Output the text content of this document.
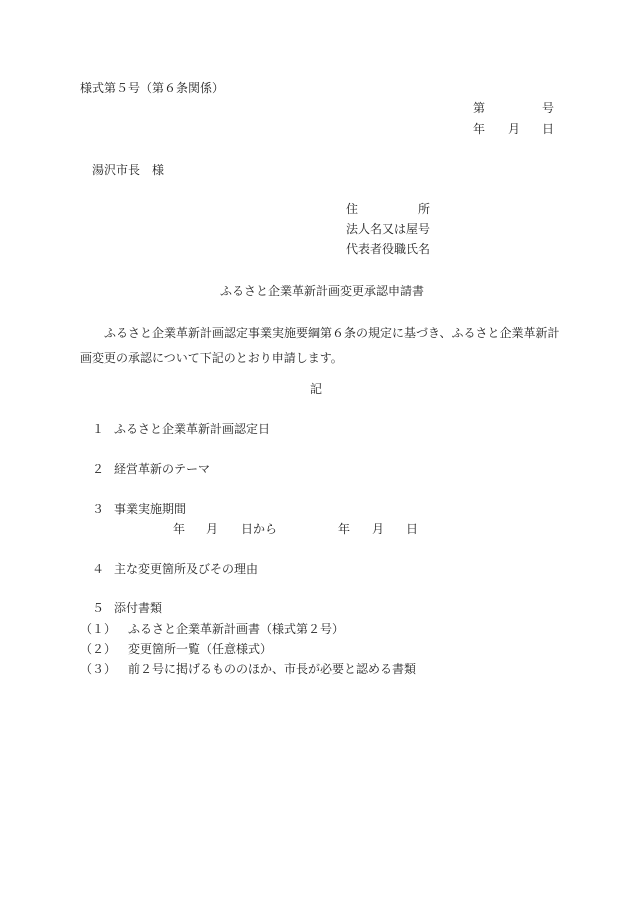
様式第５号（第６条関係）
第	号
年 月 日
湯沢市長　様
住	所
法人名又は屋号
代表者役職氏名
ふるさと企業革新計画変更承認申請書
ふるさと企業革新計画認定事業実施要綱第６条の規定に基づき、ふるさと企業革新計画変更の承認について下記のとおり申請します。
記
１ ふるさと企業革新計画認定日
２ 経営革新のテーマ
３ 事業実施期間
年 月 日から	年 月 日
４ 主な変更箇所及びその理由
５ 添付書類
（１） ふるさと企業革新計画書（様式第２号）
（２） 変更箇所一覧（任意様式）
（３） 前２号に掲げるもののほか、市長が必要と認める書類
